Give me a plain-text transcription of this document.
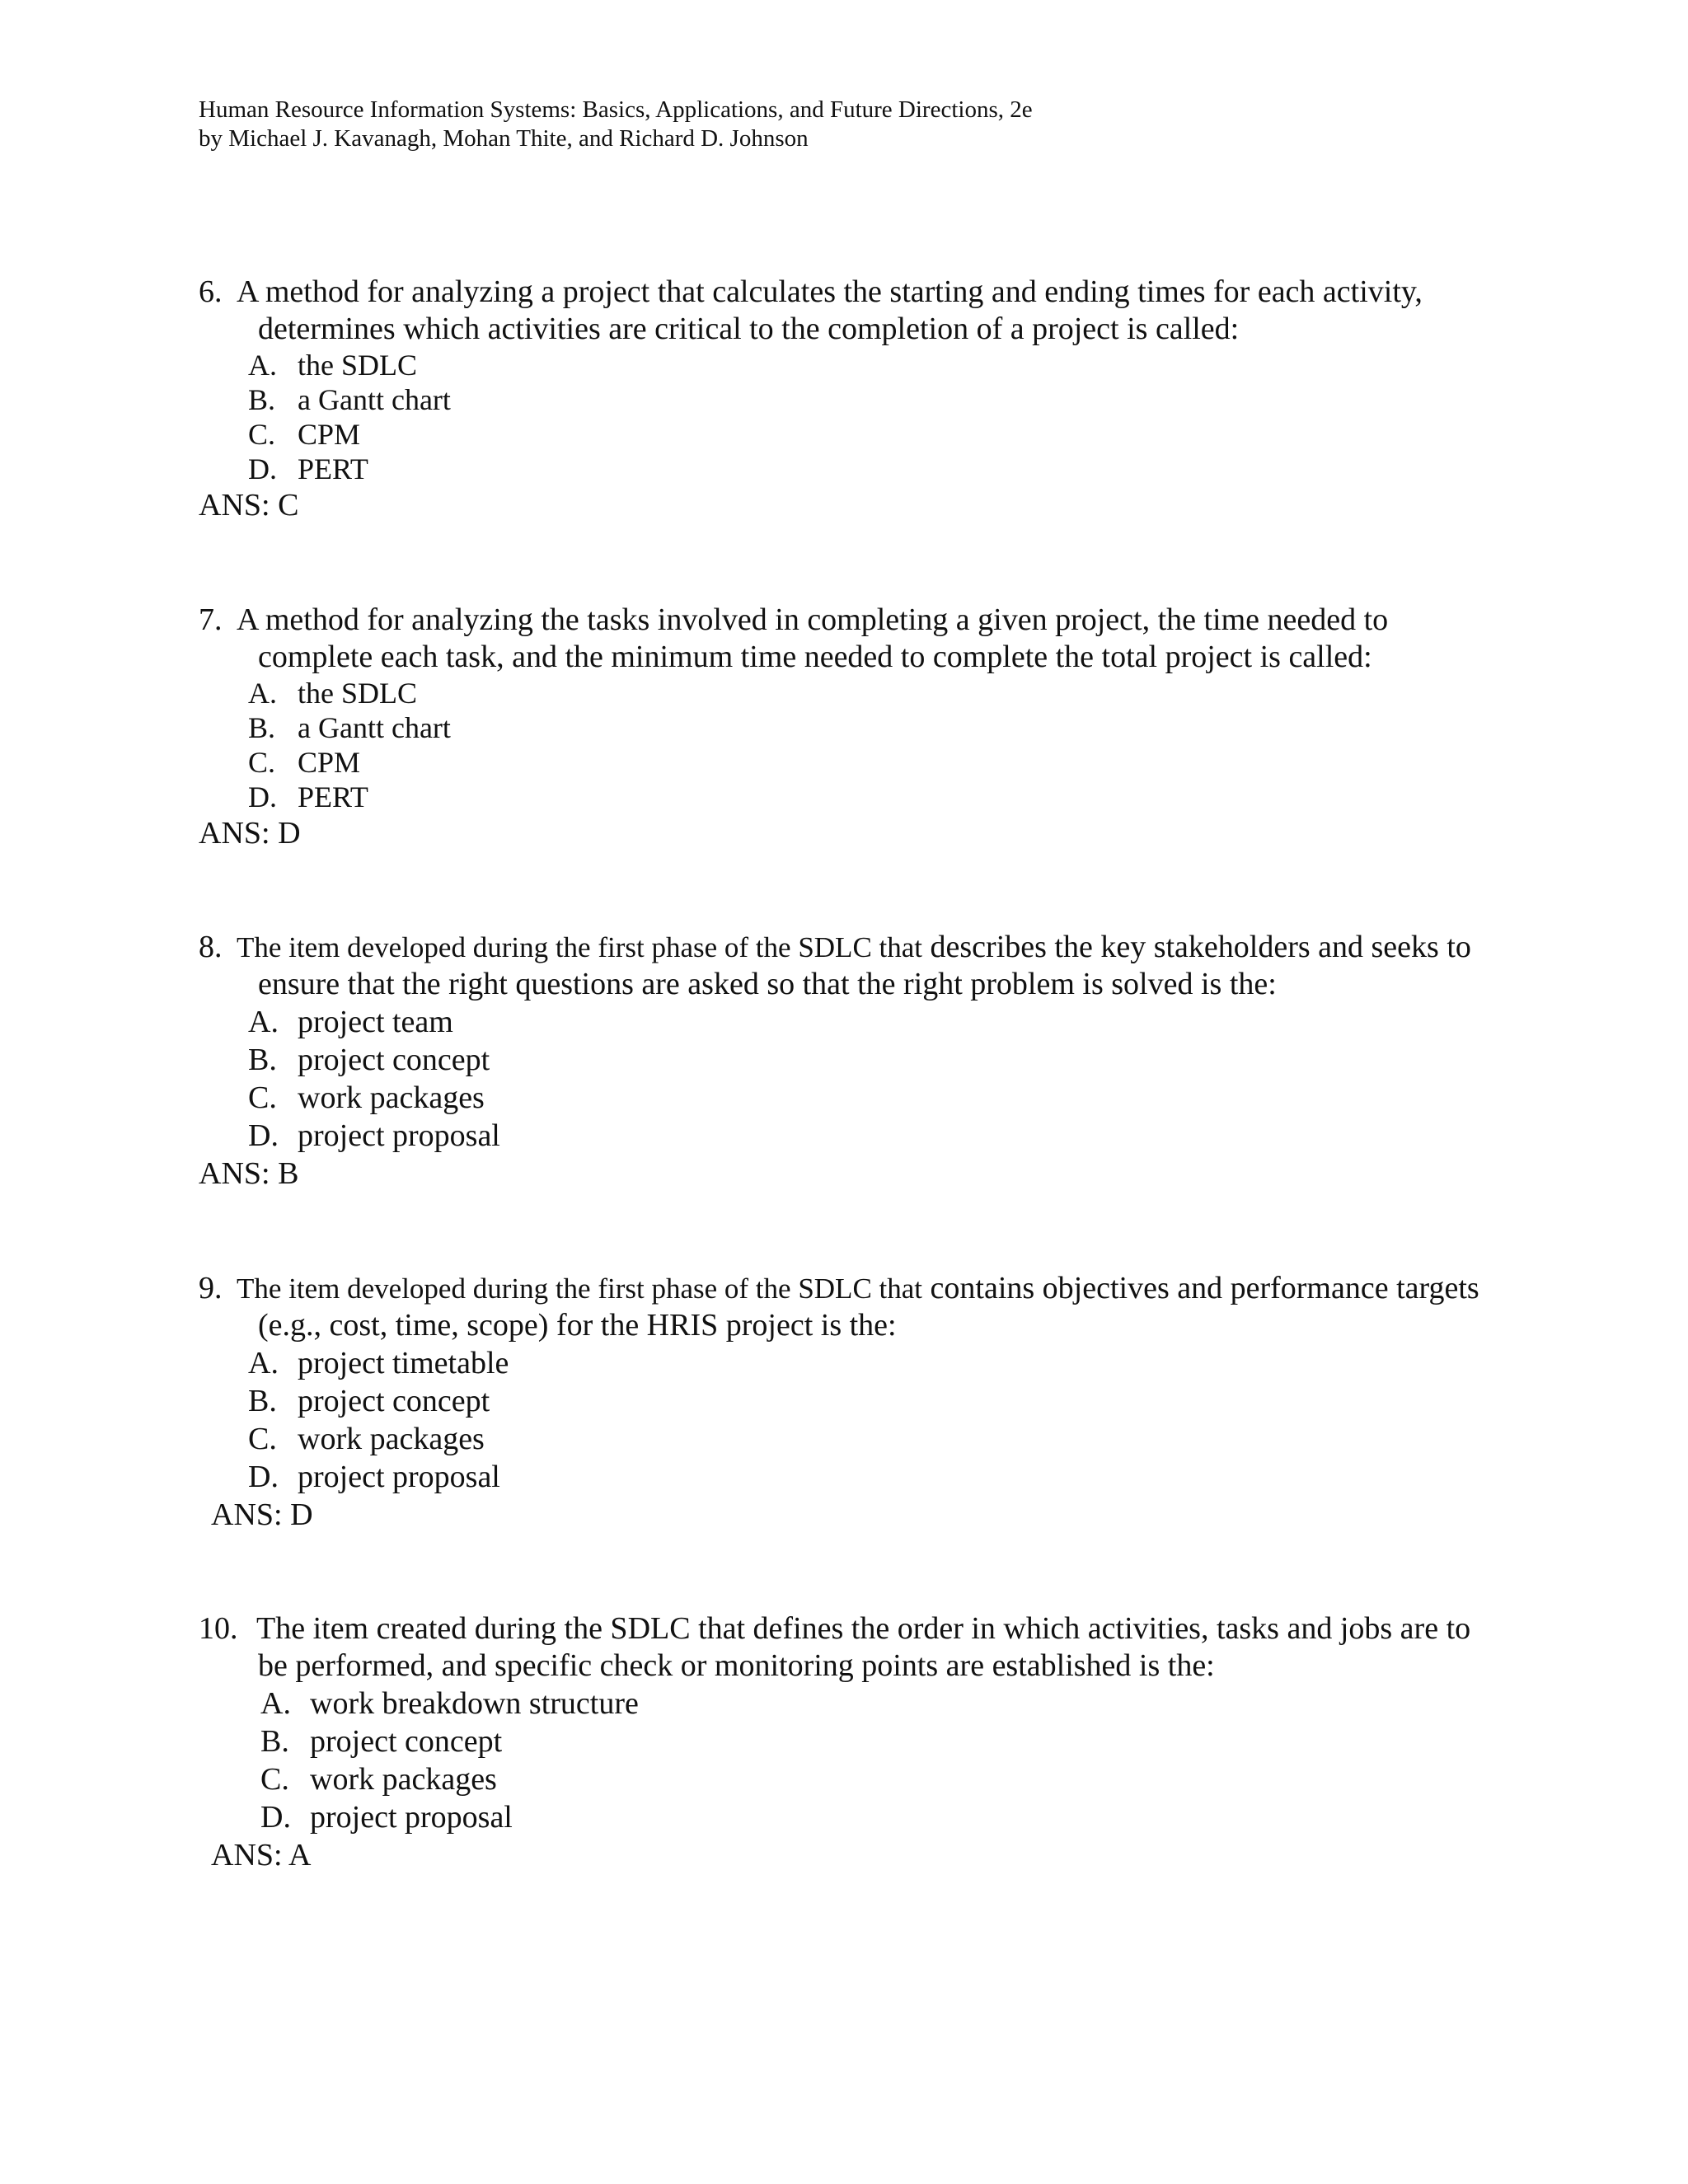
Human Resource Information Systems: Basics, Applications, and Future Directions, 2e
by Michael J. Kavanagh, Mohan Thite, and Richard D. Johnson
6. A method for analyzing a project that calculates the starting and ending times for each activity, determines which activities are critical to the completion of a project is called:
A. the SDLC
B. a Gantt chart
C. CPM
D. PERT
ANS: C
7. A method for analyzing the tasks involved in completing a given project, the time needed to complete each task, and the minimum time needed to complete the total project is called:
A. the SDLC
B. a Gantt chart
C. CPM
D. PERT
ANS: D
8. The item developed during the first phase of the SDLC that describes the key stakeholders and seeks to ensure that the right questions are asked so that the right problem is solved is the:
A. project team
B. project concept
C. work packages
D. project proposal
ANS: B
9. The item developed during the first phase of the SDLC that contains objectives and performance targets (e.g., cost, time, scope) for the HRIS project is the:
A. project timetable
B. project concept
C. work packages
D. project proposal
ANS: D
10. The item created during the SDLC that defines the order in which activities, tasks and jobs are to be performed, and specific check or monitoring points are established is the:
A. work breakdown structure
B. project concept
C. work packages
D. project proposal
ANS: A
